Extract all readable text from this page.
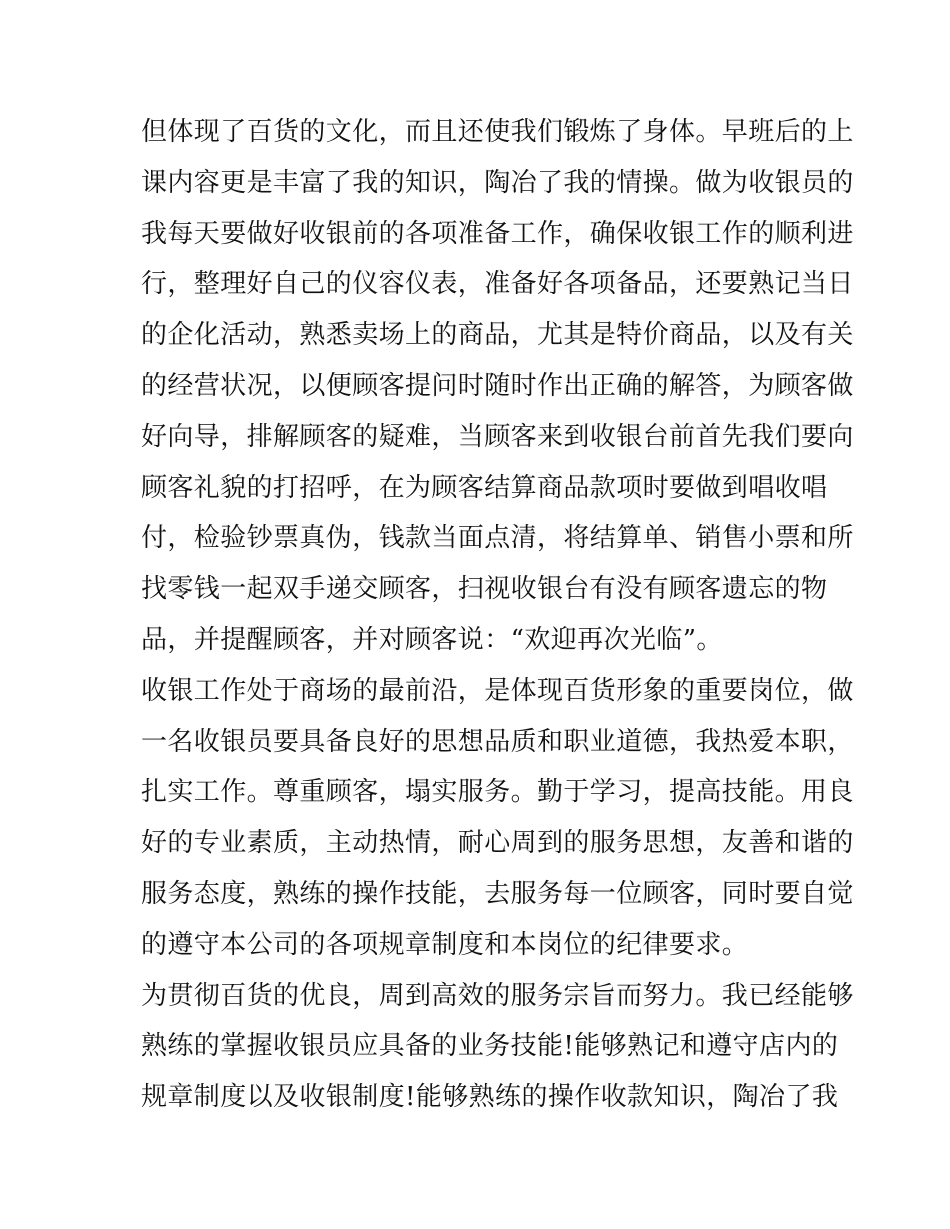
但体现了百货的文化，而且还使我们锻炼了身体。早班后的上
课内容更是丰富了我的知识，陶冶了我的情操。做为收银员的
我每天要做好收银前的各项准备工作，确保收银工作的顺利进
行，整理好自己的仪容仪表，准备好各项备品，还要熟记当日
的企化活动，熟悉卖场上的商品，尤其是特价商品，以及有关
的经营状况，以便顾客提问时随时作出正确的解答，为顾客做
好向导，排解顾客的疑难，当顾客来到收银台前首先我们要向
顾客礼貌的打招呼，在为顾客结算商品款项时要做到唱收唱
付，检验钞票真伪，钱款当面点清，将结算单、销售小票和所
找零钱一起双手递交顾客，扫视收银台有没有顾客遗忘的物
品，并提醒顾客，并对顾客说：“欢迎再次光临”。
收银工作处于商场的最前沿，是体现百货形象的重要岗位，做
一名收银员要具备良好的思想品质和职业道德，我热爱本职，
扎实工作。尊重顾客，塌实服务。勤于学习，提高技能。用良
好的专业素质，主动热情，耐心周到的服务思想，友善和谐的
服务态度，熟练的操作技能，去服务每一位顾客，同时要自觉
的遵守本公司的各项规章制度和本岗位的纪律要求。
为贯彻百货的优良，周到高效的服务宗旨而努力。我已经能够
熟练的掌握收银员应具备的业务技能!能够熟记和遵守店内的
规章制度以及收银制度!能够熟练的操作收款知识，陶冶了我
